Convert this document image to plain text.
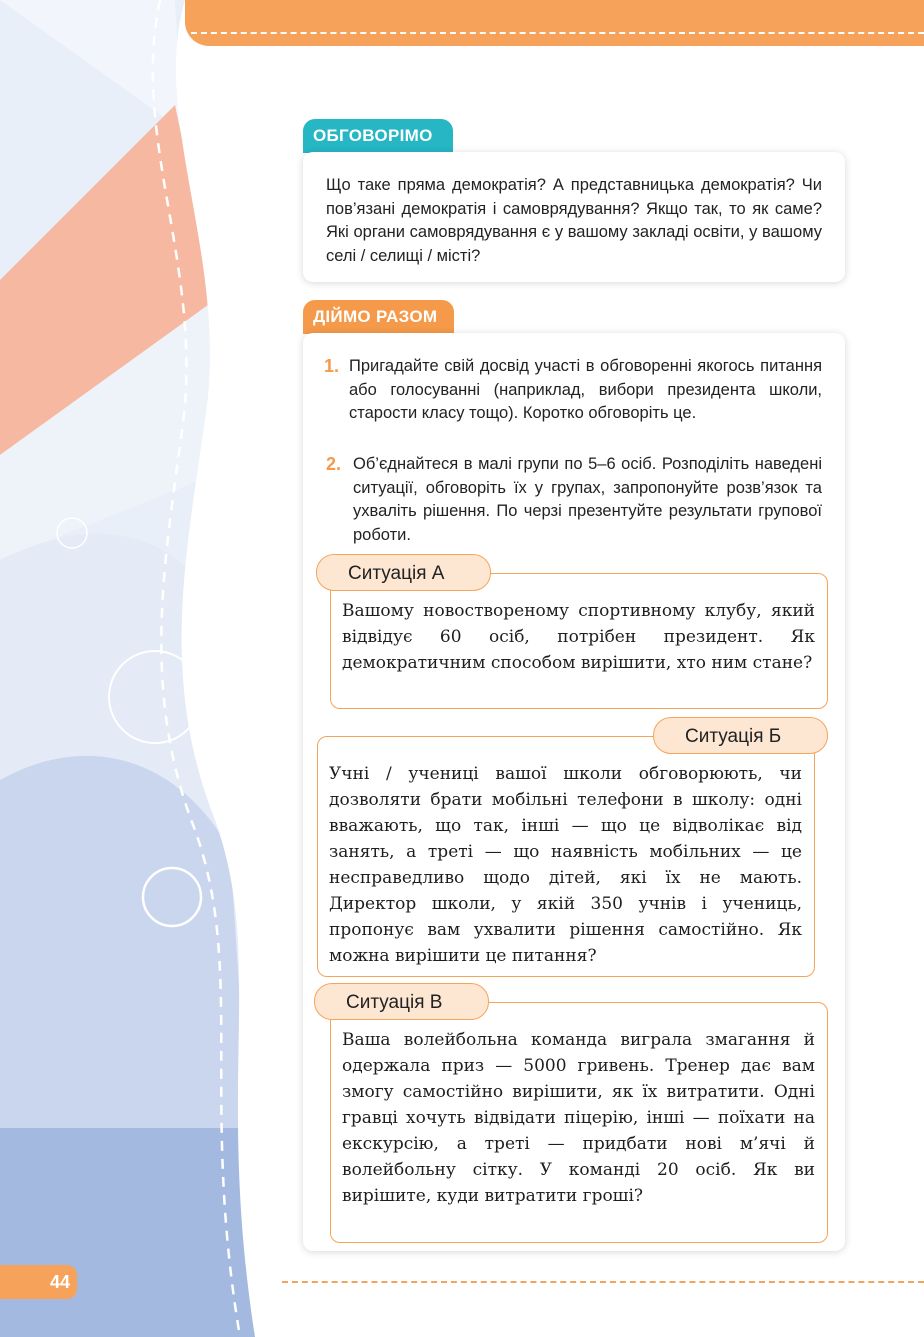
44
ОБГОВОРІМО
Що таке пряма демократія? А представницька демократія? Чи пов’язані демократія і самоврядування? Якщо так, то як саме? Які органи самоврядування є у вашому закладі освіти, у вашому селі / селищі / місті?
ДІЙМО РАЗОМ
1. Пригадайте свій досвід участі в обговоренні якогось питання або голосуванні (наприклад, вибори президента школи, старости класу тощо). Коротко обговоріть це.
2. Об’єднайтеся в малі групи по 5–6 осіб. Розподіліть наведені ситуації, обговоріть їх у групах, запропонуйте розв’язок та ухваліть рішення. По черзі презентуйте результати групової роботи.
Вашому новоствореному спортивному клубу, який відвідує 60 осіб, потрібен президент. Як демократичним способом вирішити, хто ним стане?
Ситуація А
Учні / учениці вашої школи обговорюють, чи дозволяти брати мобільні телефони в школу: одні вважають, що так, інші — що це відволікає від занять, а треті — що наявність мобільних — це несправедливо щодо дітей, які їх не мають. Директор школи, у якій 350 учнів і учениць, пропонує вам ухвалити рішення самостійно. Як можна вирішити це питання?
Ситуація Б
Ваша волейбольна команда виграла змагання й одержала приз — 5000 гривень. Тренер дає вам змогу самостійно вирішити, як їх витратити. Одні гравці хочуть відвідати піцерію, інші — поїхати на екскурсію, а треті — придбати нові м’ячі й волейбольну сітку. У команді 20 осіб. Як ви вирішите, куди витратити гроші?
Ситуація В
